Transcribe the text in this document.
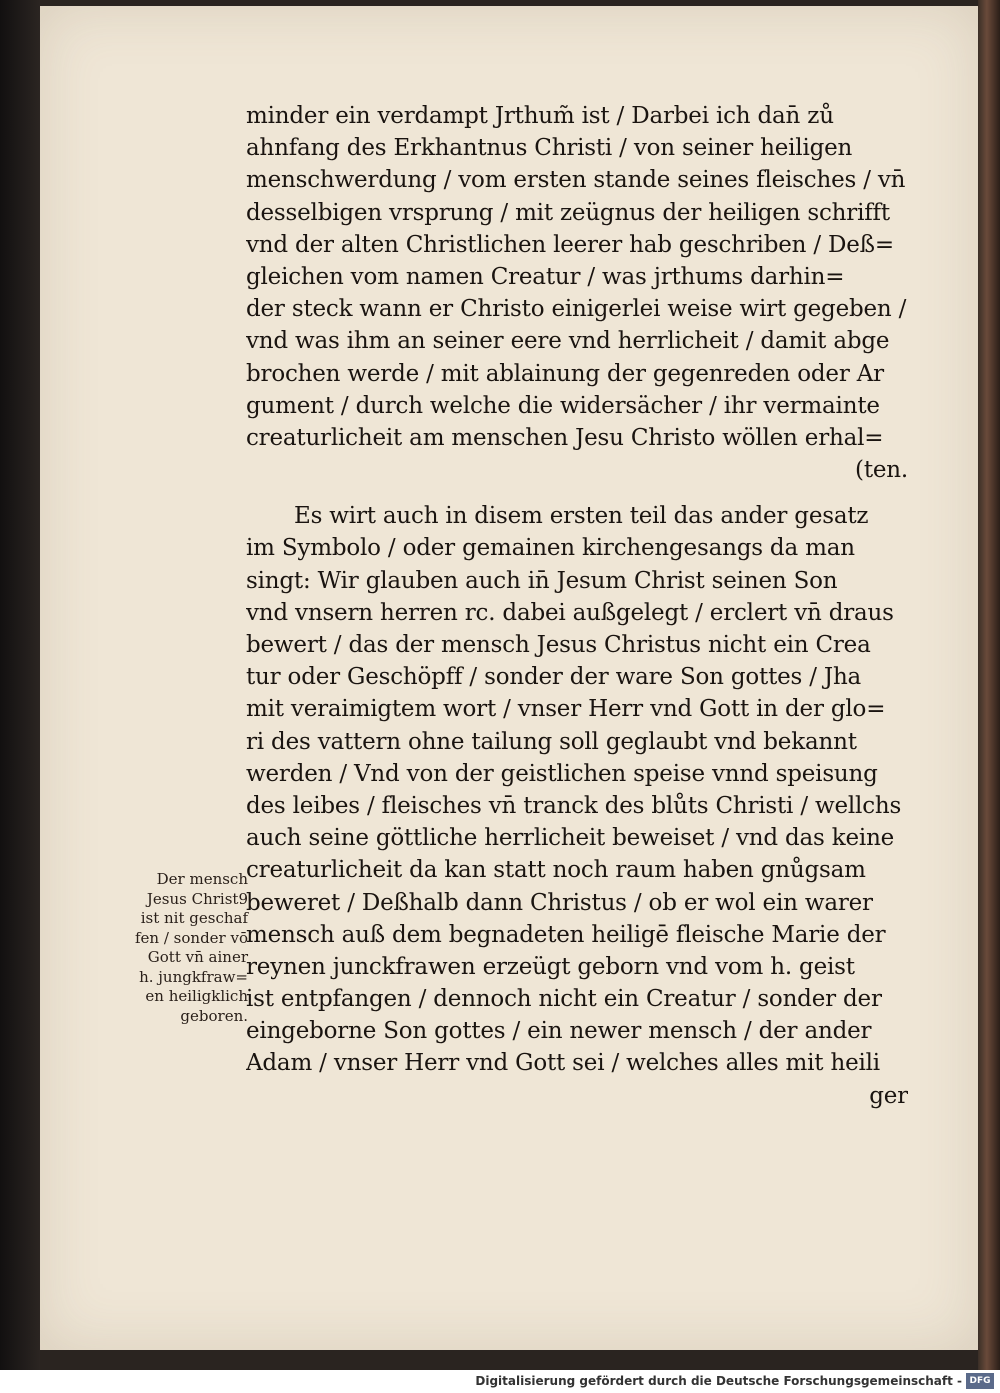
minder ein verdampt Jrthum̃ ist / Darbei ich dan̄ zů
ahnfang des Erkhantnus Christi / von seiner heiligen
menschwerdung / vom ersten stande seines fleisches / vn̄
desselbigen vrsprung / mit zeügnus der heiligen schrifft
vnd der alten Christlichen leerer hab geschriben / Deß=
gleichen vom namen Creatur / was jrthums darhin=
der steck wann er Christo einigerlei weise wirt gegeben /
vnd was ihm an seiner eere vnd herrlicheit / damit abge
brochen werde / mit ablainung der gegenreden oder Ar
gument / durch welche die widersächer / ihr vermainte
creaturlicheit am menschen Jesu Christo wöllen erhal=
(ten.
Es wirt auch in disem ersten teil das ander gesatz
im Symbolo / oder gemainen kirchengesangs da man
singt: Wir glauben auch in̄ Jesum Christ seinen Son
vnd vnsern herren rc. dabei außgelegt / erclert vn̄ draus
bewert / das der mensch Jesus Christus nicht ein Crea
tur oder Geschöpff / sonder der ware Son gottes / Jha
mit veraimigtem wort / vnser Herr vnd Gott in der glo=
ri des vattern ohne tailung soll geglaubt vnd bekannt
werden / Vnd von der geistlichen speise vnnd speisung
des leibes / fleisches vn̄ tranck des blůts Christi / wellchs
auch seine göttliche herrlicheit beweiset / vnd das keine
creaturlicheit da kan statt noch raum haben gnůgsam
beweret / Deßhalb dann Christus / ob er wol ein warer
mensch auß dem begnadeten heiligē fleische Marie der
reynen junckfrawen erzeügt geborn vnd vom h. geist
ist entpfangen / dennoch nicht ein Creatur / sonder der
eingeborne Son gottes / ein newer mensch / der ander
Adam / vnser Herr vnd Gott sei / welches alles mit heili
ger
Der mensch
Jesus Christ9
ist nit geschaf
fen / sonder vō
Gott vn̄ ainer
h. jungkfraw=
en heiligklich
geboren.
Digitalisierung gefördert durch die Deutsche Forschungsgemeinschaft - DFG
